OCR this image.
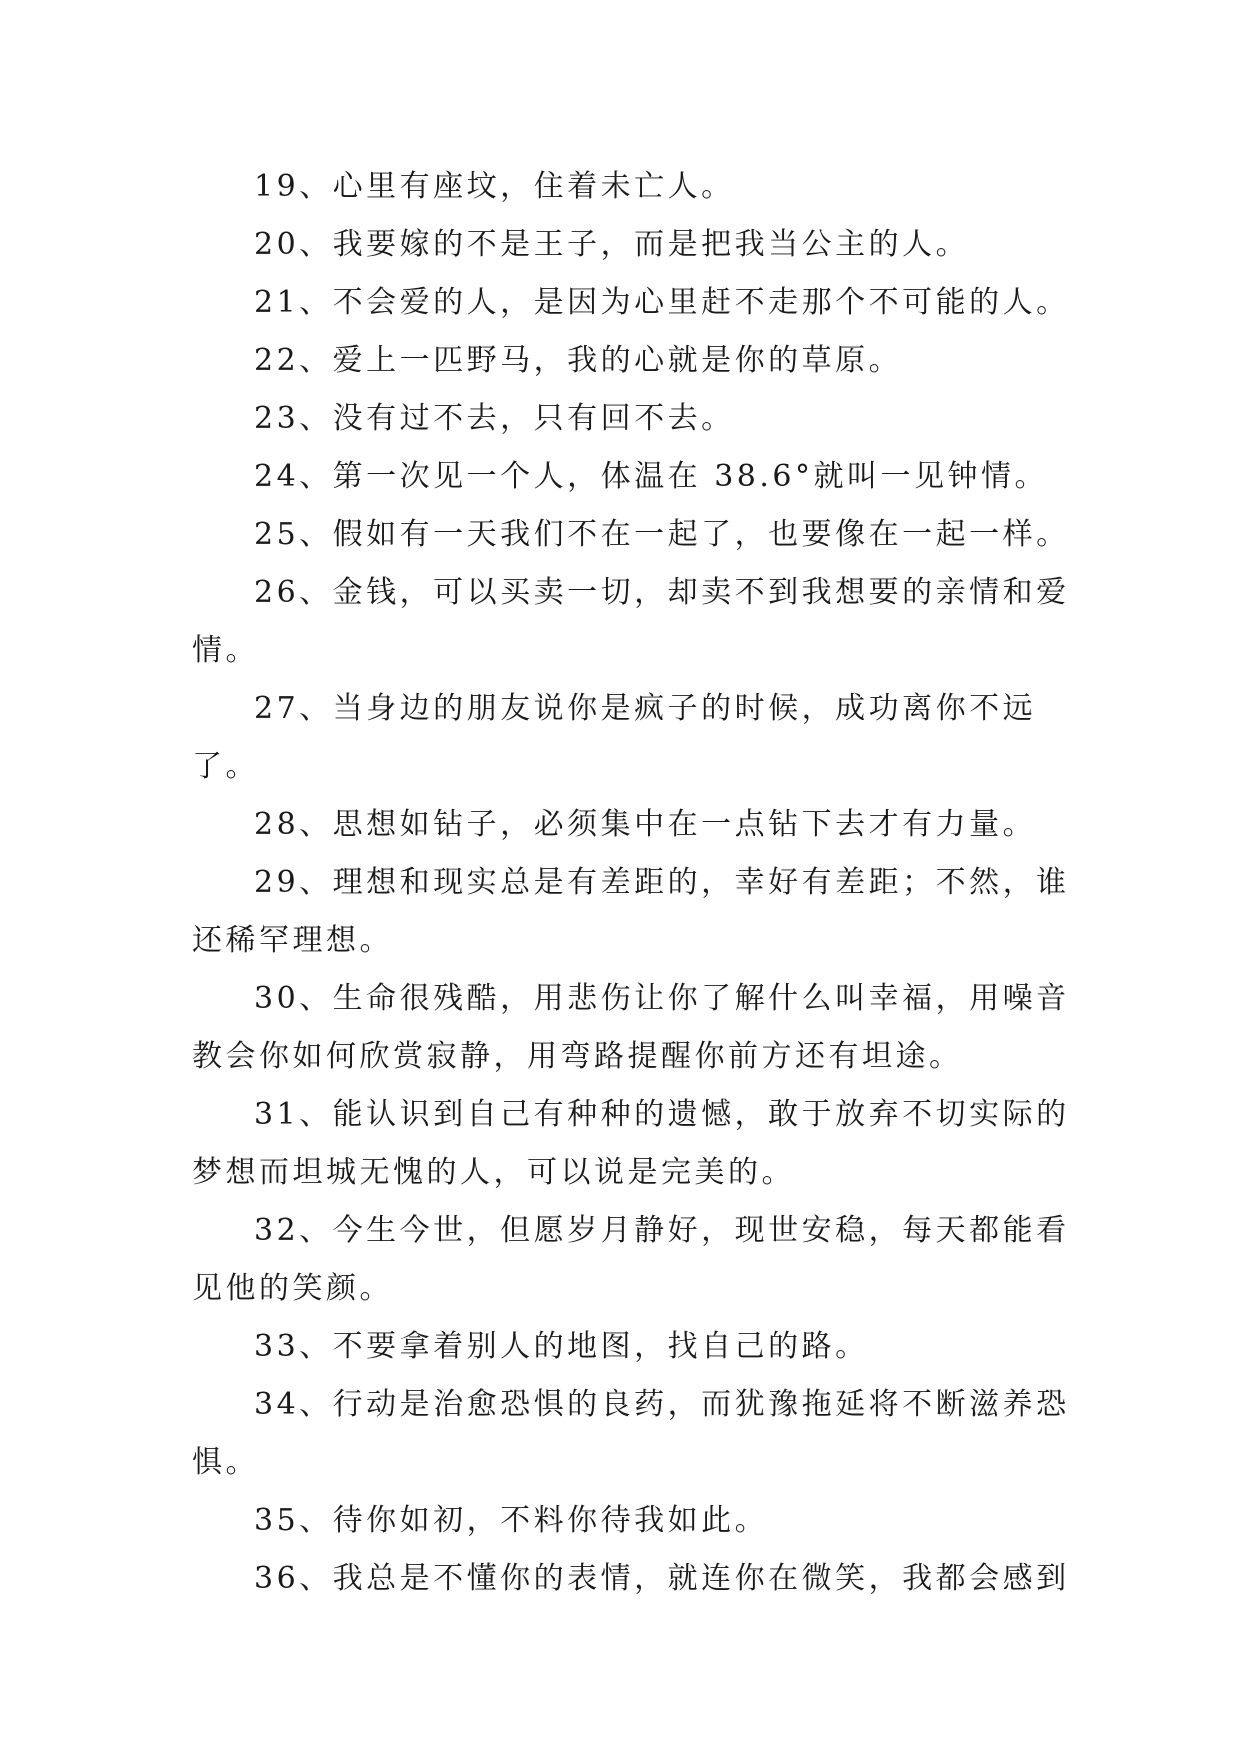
19、心里有座坟，住着未亡人。

20、我要嫁的不是王子，而是把我当公主的人。

21、不会爱的人，是因为心里赶不走那个不可能的人。

22、爱上一匹野马，我的心就是你的草原。

23、没有过不去，只有回不去。

24、第一次见一个人，体温在 38.6°就叫一见钟情。

25、假如有一天我们不在一起了，也要像在一起一样。

26、金钱，可以买卖一切，却卖不到我想要的亲情和爱情。

27、当身边的朋友说你是疯子的时候，成功离你不远了。

28、思想如钻子，必须集中在一点钻下去才有力量。

29、理想和现实总是有差距的，幸好有差距；不然，谁还稀罕理想。

30、生命很残酷，用悲伤让你了解什么叫幸福，用噪音教会你如何欣赏寂静，用弯路提醒你前方还有坦途。

31、能认识到自己有种种的遗憾，敢于放弃不切实际的梦想而坦城无愧的人，可以说是完美的。

32、今生今世，但愿岁月静好，现世安稳，每天都能看见他的笑颜。

33、不要拿着别人的地图，找自己的路。

34、行动是治愈恐惧的良药，而犹豫拖延将不断滋养恐惧。

35、待你如初，不料你待我如此。

36、我总是不懂你的表情，就连你在微笑，我都会感到
